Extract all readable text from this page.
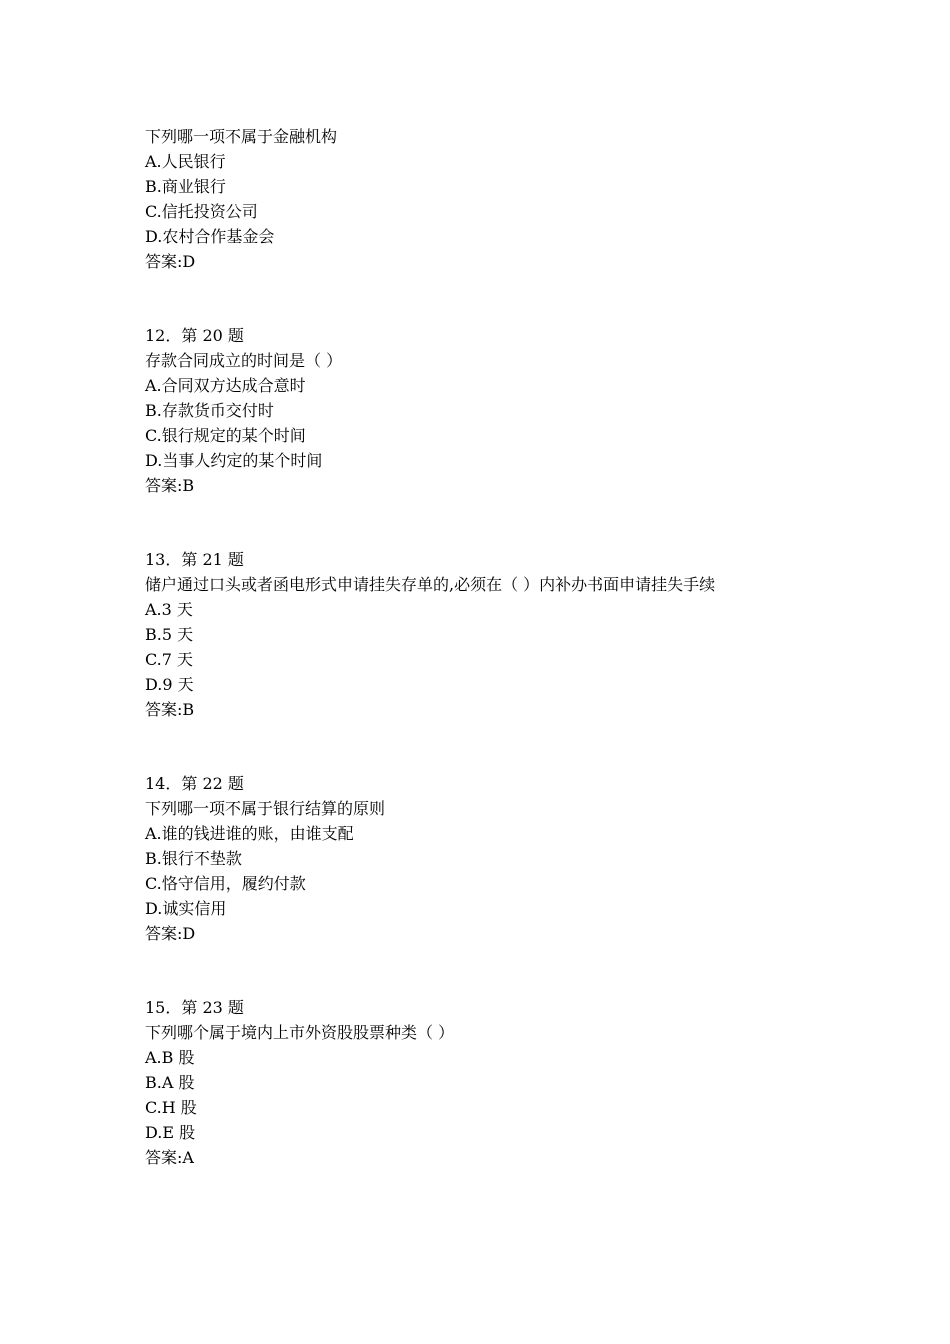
下列哪一项不属于金融机构
A.人民银行
B.商业银行
C.信托投资公司
D.农村合作基金会
答案:D
12．第 20 题
存款合同成立的时间是（ ）
A.合同双方达成合意时
B.存款货币交付时
C.银行规定的某个时间
D.当事人约定的某个时间
答案:B
13．第 21 题
储户通过口头或者函电形式申请挂失存单的,必须在（ ）内补办书面申请挂失手续
A.3 天
B.5 天
C.7 天
D.9 天
答案:B
14．第 22 题
下列哪一项不属于银行结算的原则
A.谁的钱进谁的账，由谁支配
B.银行不垫款
C.恪守信用，履约付款
D.诚实信用
答案:D
15．第 23 题
下列哪个属于境内上市外资股股票种类（ ）
A.B 股
B.A 股
C.H 股
D.E 股
答案:A
